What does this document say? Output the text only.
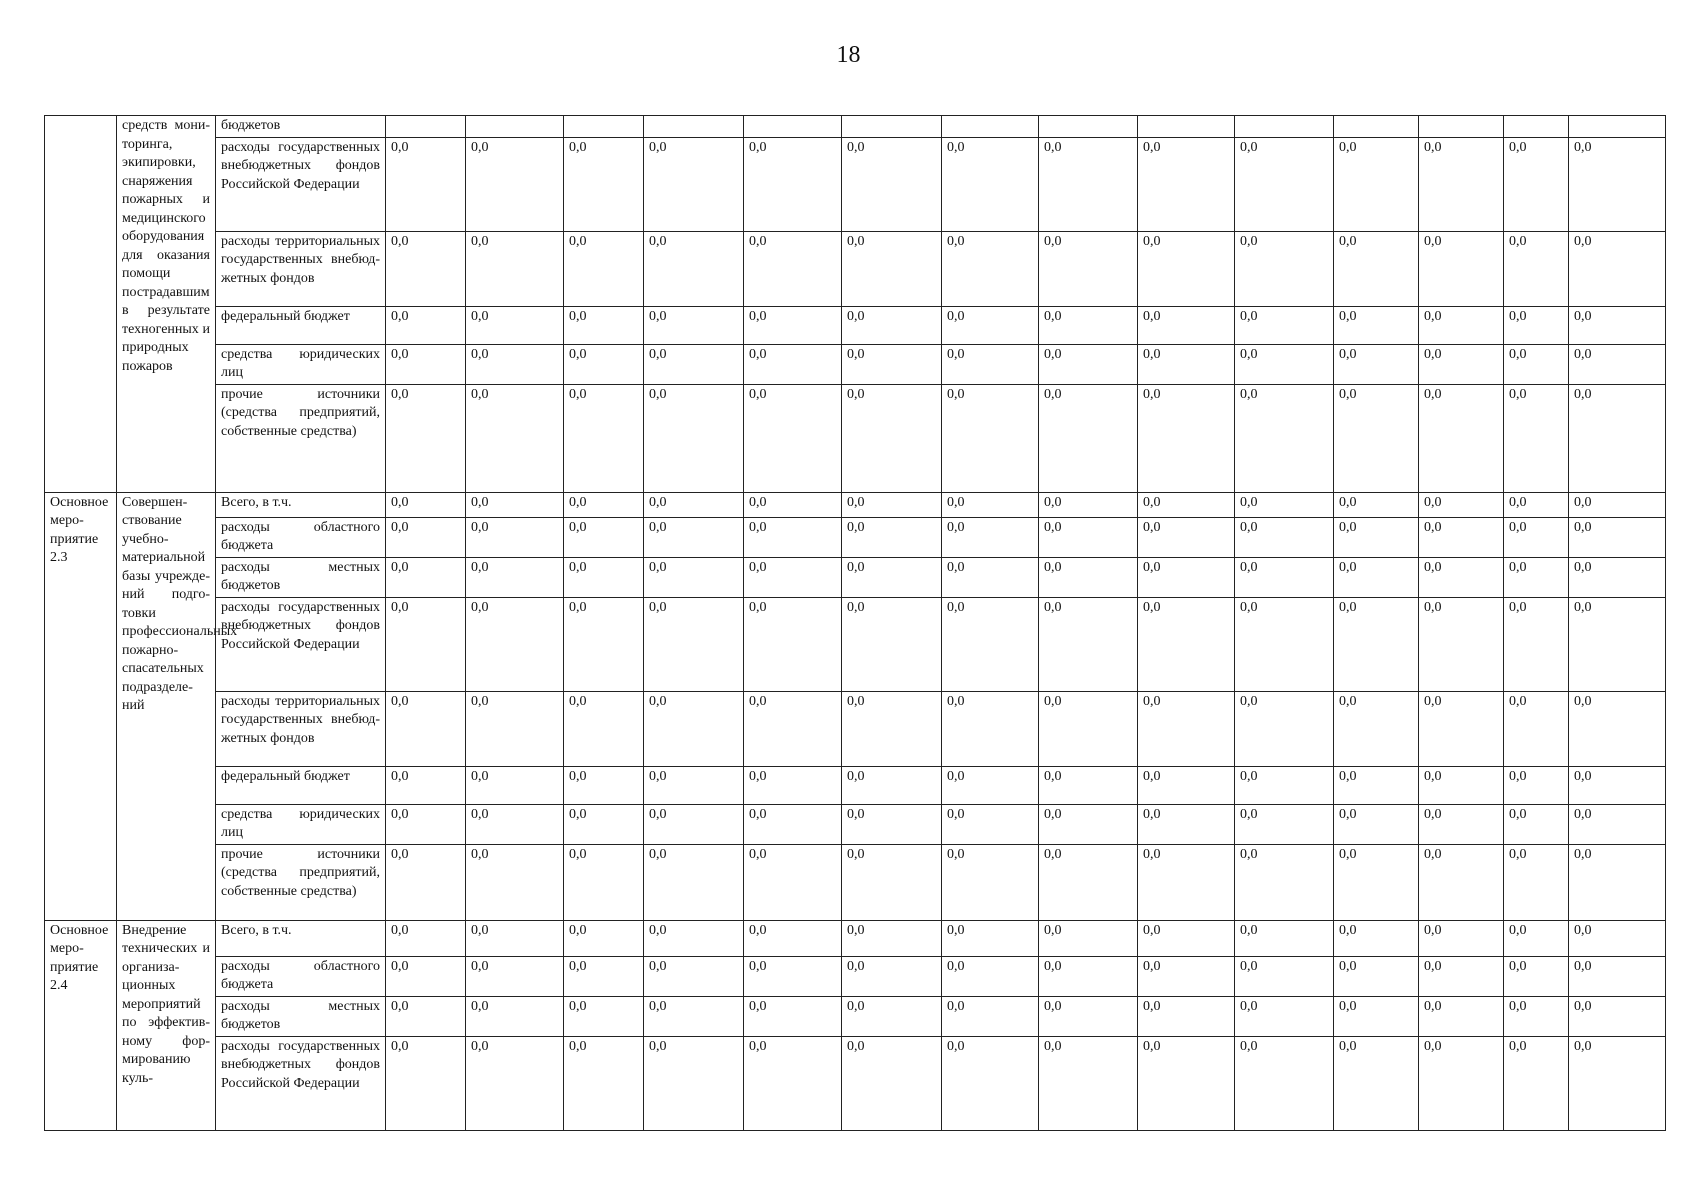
18
	средств мониторинга, экипировки, снаряжения пожарных и медицинского оборудования для оказания помощи пострадавшим в результате техногенных и природных пожаров	бюджетов														
		расходы государственных внебюджетных фондов Российской Федерации	0,0	0,0	0,0	0,0	0,0	0,0	0,0	0,0	0,0	0,0	0,0	0,0	0,0	0,0
		расходы территориальных государственных внебюджетных фондов	0,0	0,0	0,0	0,0	0,0	0,0	0,0	0,0	0,0	0,0	0,0	0,0	0,0	0,0
		федеральный бюджет	0,0	0,0	0,0	0,0	0,0	0,0	0,0	0,0	0,0	0,0	0,0	0,0	0,0	0,0
		средства юридических лиц	0,0	0,0	0,0	0,0	0,0	0,0	0,0	0,0	0,0	0,0	0,0	0,0	0,0	0,0
		прочие источники (средства предприятий, собственные средства)	0,0	0,0	0,0	0,0	0,0	0,0	0,0	0,0	0,0	0,0	0,0	0,0	0,0	0,0
Основное мероприятие 2.3	Совершенствование учебно-материальной базы учреждений подготовки профессиональных пожарно-спасательных подразделений	Всего, в т.ч.	0,0	0,0	0,0	0,0	0,0	0,0	0,0	0,0	0,0	0,0	0,0	0,0	0,0	0,0
		расходы областного бюджета	0,0	0,0	0,0	0,0	0,0	0,0	0,0	0,0	0,0	0,0	0,0	0,0	0,0	0,0
		расходы местных бюджетов	0,0	0,0	0,0	0,0	0,0	0,0	0,0	0,0	0,0	0,0	0,0	0,0	0,0	0,0
		расходы государственных внебюджетных фондов Российской Федерации	0,0	0,0	0,0	0,0	0,0	0,0	0,0	0,0	0,0	0,0	0,0	0,0	0,0	0,0
		расходы территориальных государственных внебюджетных фондов	0,0	0,0	0,0	0,0	0,0	0,0	0,0	0,0	0,0	0,0	0,0	0,0	0,0	0,0
		федеральный бюджет	0,0	0,0	0,0	0,0	0,0	0,0	0,0	0,0	0,0	0,0	0,0	0,0	0,0	0,0
		средства юридических лиц	0,0	0,0	0,0	0,0	0,0	0,0	0,0	0,0	0,0	0,0	0,0	0,0	0,0	0,0
		прочие источники (средства предприятий, собственные средства)	0,0	0,0	0,0	0,0	0,0	0,0	0,0	0,0	0,0	0,0	0,0	0,0	0,0	0,0
Основное мероприятие 2.4	Внедрение технических и организационных мероприятий по эффективному формированию куль-	Всего, в т.ч.	0,0	0,0	0,0	0,0	0,0	0,0	0,0	0,0	0,0	0,0	0,0	0,0	0,0	0,0
		расходы областного бюджета	0,0	0,0	0,0	0,0	0,0	0,0	0,0	0,0	0,0	0,0	0,0	0,0	0,0	0,0
		расходы местных бюджетов	0,0	0,0	0,0	0,0	0,0	0,0	0,0	0,0	0,0	0,0	0,0	0,0	0,0	0,0
		расходы государственных внебюджетных фондов Российской Федерации	0,0	0,0	0,0	0,0	0,0	0,0	0,0	0,0	0,0	0,0	0,0	0,0	0,0	0,0
